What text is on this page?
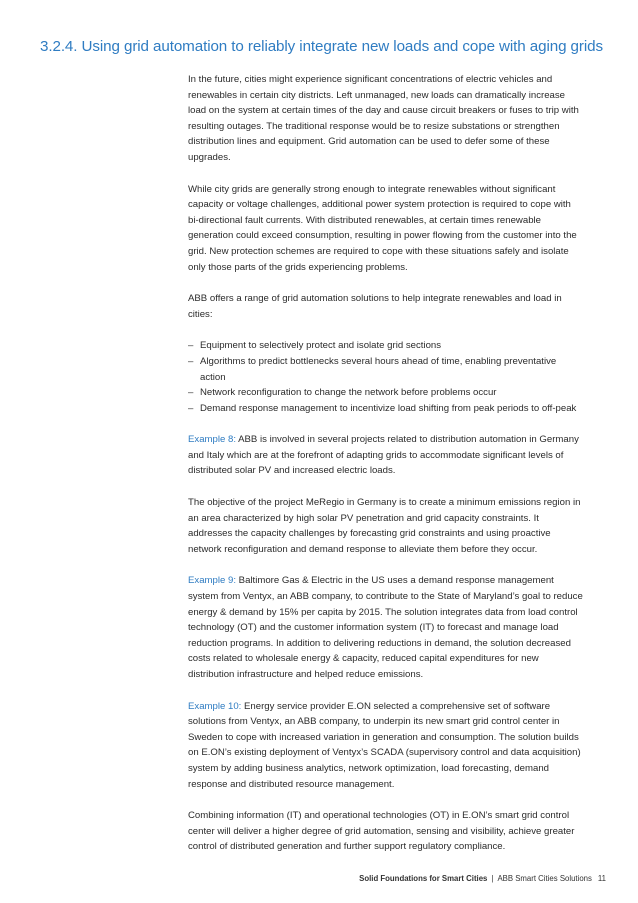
3.2.4. Using grid automation to reliably integrate new loads and cope with aging grids

In the future, cities might experience significant concentrations of electric vehicles and renewables in certain city districts. Left unmanaged, new loads can dramatically increase load on the system at certain times of the day and cause circuit breakers or fuses to trip with resulting outages. The traditional response would be to resize substations or strengthen distribution lines and equipment. Grid automation can be used to defer some of these upgrades.

While city grids are generally strong enough to integrate renewables without significant capacity or voltage challenges, additional power system protection is required to cope with bi-directional fault currents. With distributed renewables, at certain times renewable generation could exceed consumption, resulting in power flowing from the customer into the grid. New protection schemes are required to cope with these situations safely and isolate only those parts of the grids experiencing problems.

ABB offers a range of grid automation solutions to help integrate renewables and load in cities:

– Equipment to selectively protect and isolate grid sections
– Algorithms to predict bottlenecks several hours ahead of time, enabling preventative action
– Network reconfiguration to change the network before problems occur
– Demand response management to incentivize load shifting from peak periods to off-peak

Example 8: ABB is involved in several projects related to distribution automation in Germany and Italy which are at the forefront of adapting grids to accommodate significant levels of distributed solar PV and increased electric loads.

The objective of the project MeRegio in Germany is to create a minimum emissions region in an area characterized by high solar PV penetration and grid capacity constraints. It addresses the capacity challenges by forecasting grid constraints and using proactive network reconfiguration and demand response to alleviate them before they occur.

Example 9: Baltimore Gas & Electric in the US uses a demand response management system from Ventyx, an ABB company, to contribute to the State of Maryland’s goal to reduce energy & demand by 15% per capita by 2015. The solution integrates data from load control technology (OT) and the customer information system (IT) to forecast and manage load reduction programs. In addition to delivering reductions in demand, the solution decreased costs related to wholesale energy & capacity, reduced capital expenditures for new distribution infrastructure and helped reduce emissions.

Example 10: Energy service provider E.ON selected a comprehensive set of software solutions from Ventyx, an ABB company, to underpin its new smart grid control center in Sweden to cope with increased variation in generation and consumption. The solution builds on E.ON’s existing deployment of Ventyx’s SCADA (supervisory control and data acquisition) system by adding business analytics, network optimization, load forecasting, demand response and distributed resource management.

Combining information (IT) and operational technologies (OT) in E.ON’s smart grid control center will deliver a higher degree of grid automation, sensing and visibility, achieve greater control of distributed generation and further support regulatory compliance.

Solid Foundations for Smart Cities | ABB Smart Cities Solutions 11
